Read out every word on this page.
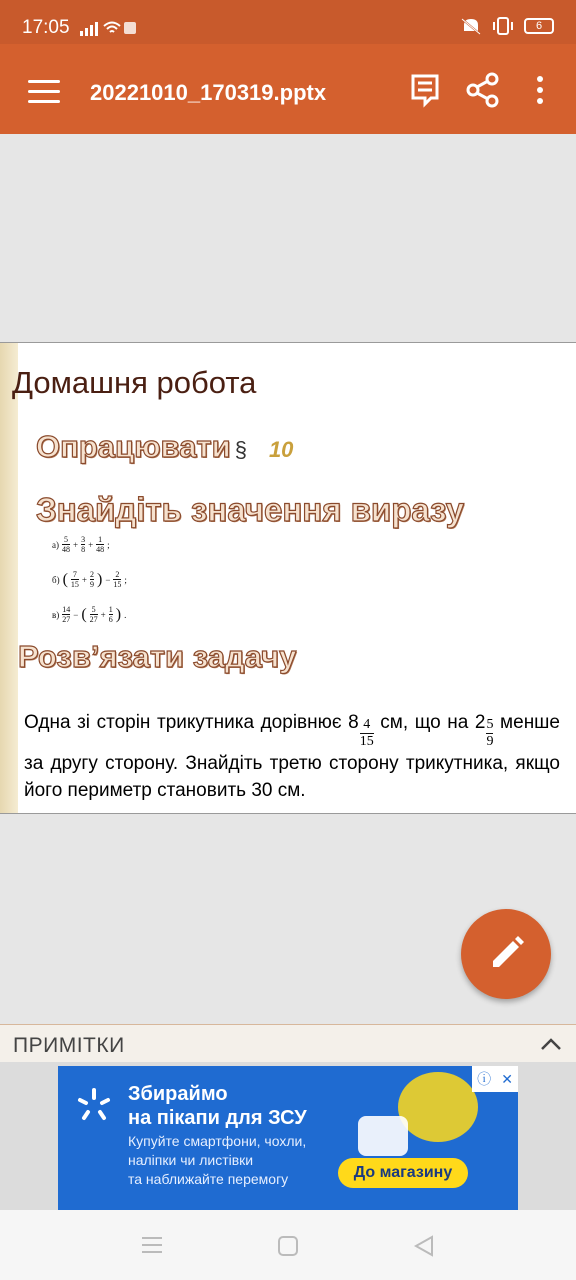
17:05	6
20221010_170319.pptx
Домашня робота
Опрацювати § 10
Знайдіть значення виразу
а) 5
48 + 3
8 + 1
48 ;
б) ( 7
15 + 2
9 ) − 2
15 ;
в) 14
27 − ( 5
27 + 1
6 ) .
Розв’язати задачу
Одна зі сторін трикутника дорівнює 8 4
15
см, що на 2 5
9
менше за другу сторону. Знайдіть третю сторону трикутника, якщо його периметр становить 30 см.
ПРИМІТКИ
Збираймо
на пікапи для ЗСУ
Купуйте смартфони, чохли,
наліпки чи листівки
та наближайте перемогу	До магазину
ⓘ ✕
